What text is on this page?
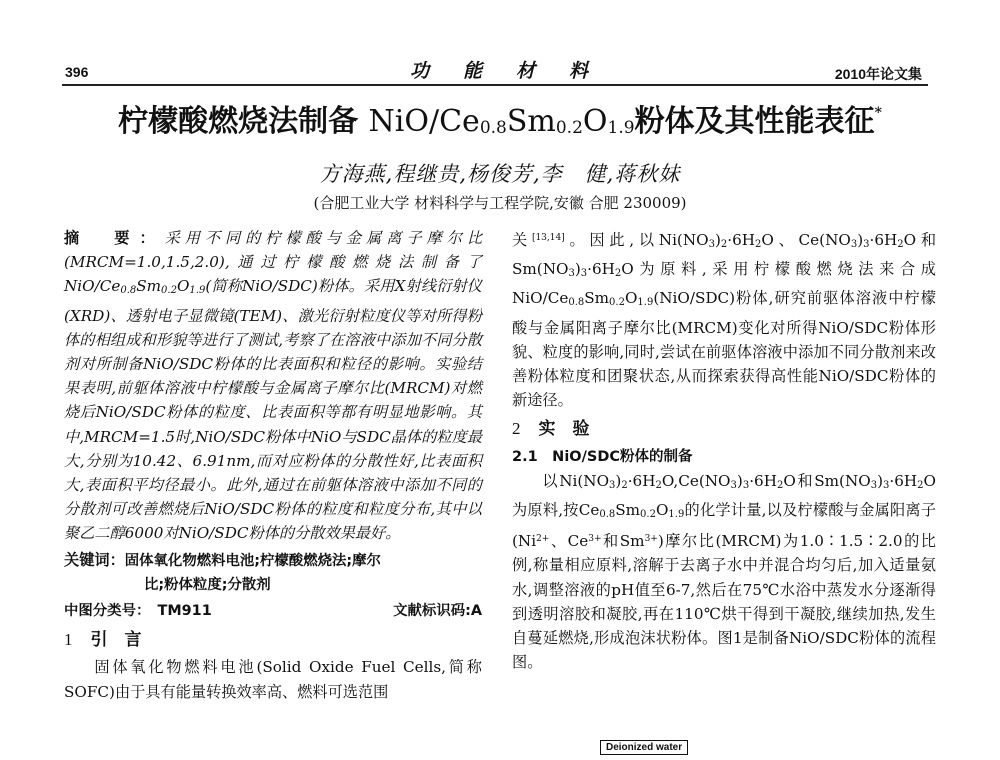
396	功能材料	2010年论文集
柠檬酸燃烧法制备 NiO/$Ce_{0.8}Sm_{0.2}O_{1.9}$粉体及其性能表征*
方海燕,程继贵,杨俊芳,李　健,蒋秋妹
(合肥工业大学 材料科学与工程学院,安徽 合肥 230009)

摘　要：采用不同的柠檬酸与金属离子摩尔比(MRCM=1.0,1.5,2.0),通过柠檬酸燃烧法制备了NiO/$Ce_{0.8}Sm_{0.2}O_{1.9}$(简称NiO/SDC)粉体。采用X射线衍射仪(XRD)、透射电子显微镜(TEM)、激光衍射粒度仪等对所得粉体的相组成和形貌等进行了测试,考察了在溶液中添加不同分散剂对所制备NiO/SDC粉体的比表面积和粒径的影响。实验结果表明,前躯体溶液中柠檬酸与金属离子摩尔比(MRCM)对燃烧后NiO/SDC粉体的粒度、比表面积等都有明显地影响。其中,MRCM=1.5时,NiO/SDC粉体中NiO与SDC晶体的粒度最大,分别为10.42、6.91nm,而对应粉体的分散性好,比表面积大,表面积平均径最小。此外,通过在前躯体溶液中添加不同的分散剂可改善燃烧后NiO/SDC粉体的粒度和粒度分布,其中以聚乙二醇6000对NiO/SDC粉体的分散效果最好。

关键词：固体氧化物燃料电池;柠檬酸燃烧法;摩尔
比;粉体粒度;分散剂
中图分类号：　TM911	文献标识码:A
1 引　言

固体氧化物燃料电池(Solid Oxide Fuel Cells,简称SOFC)由于具有能量转换效率高、燃料可选范围

关[13,14]。因此,以$Ni(NO_3)_2\cdot 6H_2O$、$Ce(NO_3)_3\cdot 6H_2O$和$Sm(NO_3)_3\cdot 6H_2O$为原料,采用柠檬酸燃烧法来合成NiO/$Ce_{0.8}Sm_{0.2}O_{1.9}(NiO/SDC)$粉体,研究前驱体溶液中柠檬酸与金属阳离子摩尔比(MRCM)变化对所得NiO/SDC粉体形貌、粒度的影响,同时,尝试在前驱体溶液中添加不同分散剂来改善粉体粒度和团聚状态,从而探索获得高性能NiO/SDC粉体的新途径。

2 实　验
2.1　NiO/SDC粉体的制备

以$Ni(NO_3)_2\cdot 6H_2O,Ce(NO_3)_3\cdot 6H_2O$和$Sm(NO_3)_3\cdot 6H_2O$为原料,按$Ce_{0.8}Sm_{0.2}O_{1.9}$的化学计量,以及柠檬酸与金属阳离子($Ni^{2+}$、$Ce^{3+}$和$Sm^{3+}$)摩尔比(MRCM)为1.0∶1.5∶2.0的比例,称量相应原料,溶解于去离子水中并混合均匀后,加入适量氨水,调整溶液的pH值至6-7,然后在75℃水浴中蒸发水分逐渐得到透明溶胶和凝胶,再在110℃烘干得到干凝胶,继续加热,发生自蔓延燃烧,形成泡沫状粉体。图1是制备NiO/SDC粉体的流程图。

Deionized water
